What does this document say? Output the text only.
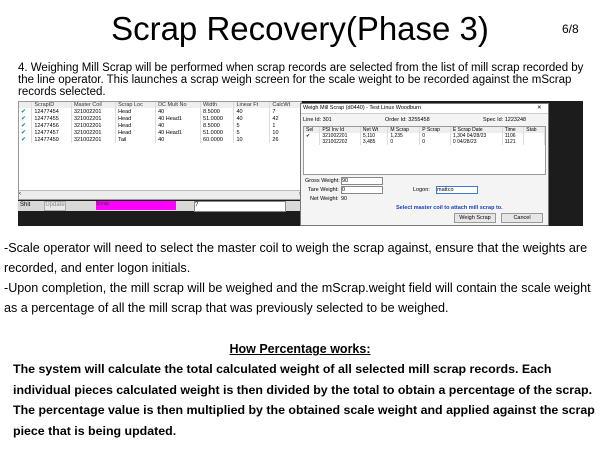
Scrap Recovery(Phase 3)	6/8
4. Weighing Mill Scrap will be performed when scrap records are selected from the list of mill scrap recorded by the line operator. This launches a scrap weigh screen for the scale weight to be recorded against the mScrap records selected.
	ScrapID	Master Coil	Scrap Loc	DC Mult No	Width	Linear Ft	CalcWt
✔	12477454	321002201	Head	40	8.5000	40	7
✔	12477455	321002201	Head	40 Head1	51.0000	40	42
✔	12477456	321002201	Head	40	8.5000	5	1
✔	12477457	321002201	Head	40 Head1	51.0000	5	10
✔	12477459	321002201	Tail	40	60.0000	10	26
‹
Shit Update	Scrap	?
Weigh Mill Scrap (d0440) - Test Linux Woodburn	✕
Line Id: 301	Order Id: 3255458	Spec Id: 1223248
Sel	PSI Inv Id	Net Wt	M Scrap	P Scrap	E Scrap Date	Time	Stab
✔	321002201	5,110	1,235	0	1,304 04/28/23	1106	
	321002202	3,485	0	0	0 04/28/23	1121	
Gross Weight: 90
Tare Weight: 0
Net Weight: 90
Logon: mattco
Select master coil to attach mill scrap to.
Weigh Scrap	Cancel
-Scale operator will need to select the master coil to weigh the scrap against, ensure that the weights are recorded, and enter logon initials.
-Upon completion, the mill scrap will be weighed and the mScrap.weight field will contain the scale weight as a percentage of all the mill scrap that was previously selected to be weighed.
How Percentage works:
The system will calculate the total calculated weight of all selected mill scrap records. Each individual pieces calculated weight is then divided by the total to obtain a percentage of the scrap. The percentage value is then multiplied by the obtained scale weight and applied against the scrap piece that is being updated.
